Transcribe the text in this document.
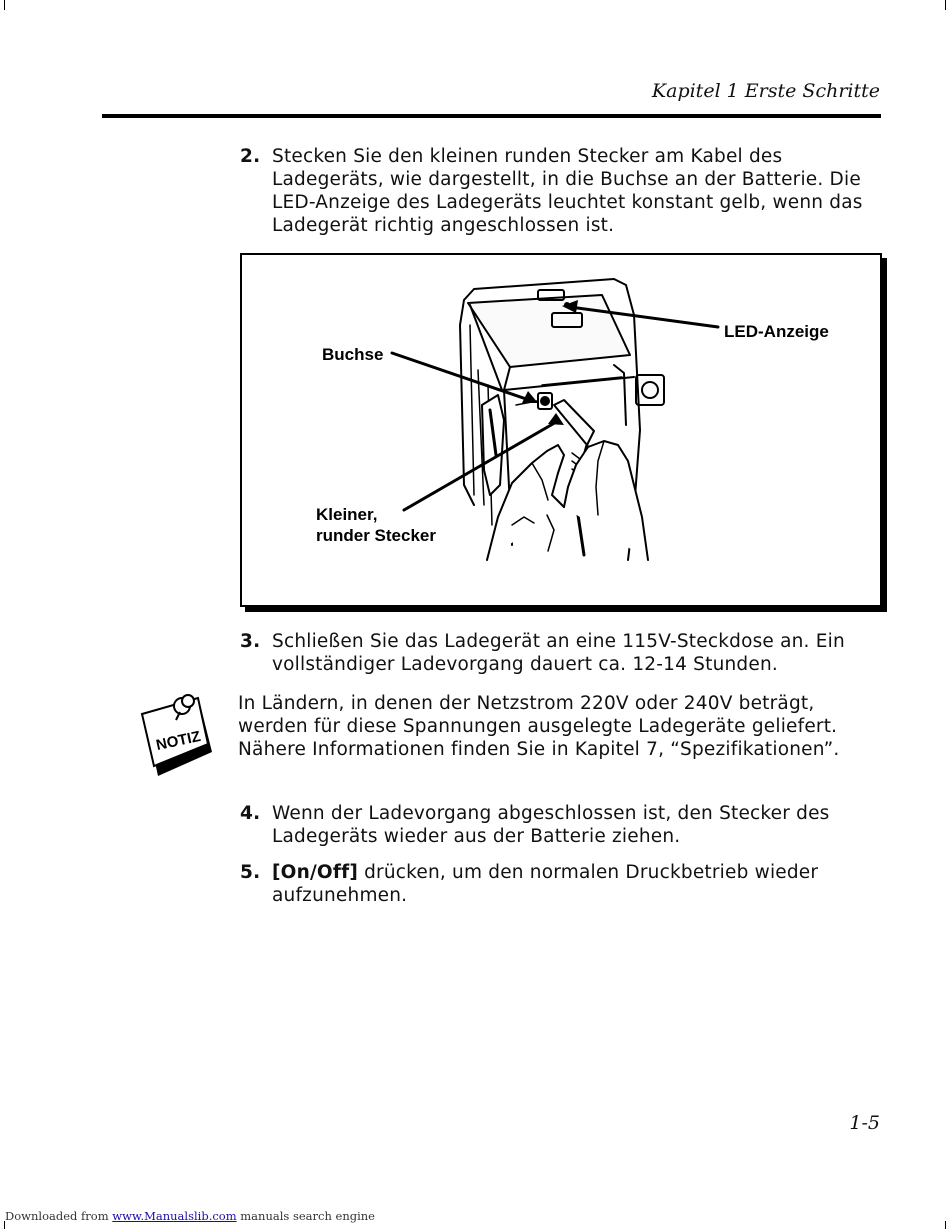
Kapitel 1 Erste Schritte
2. Stecken Sie den kleinen runden Stecker am Kabel des Ladegeräts, wie dargestellt, in die Buchse an der Batterie. Die LED-Anzeige des Ladegeräts leuchtet konstant gelb, wenn das Ladegerät richtig angeschlossen ist.
LED-Anzeige
Buchse
Kleiner,
runder Stecker
3. Schließen Sie das Ladegerät an eine 115V-Steckdose an. Ein vollständiger Ladevorgang dauert ca. 12-14 Stunden.
NOTIZ
In Ländern, in denen der Netzstrom 220V oder 240V beträgt, werden für diese Spannungen ausgelegte Ladegeräte geliefert. Nähere Informationen finden Sie in Kapitel 7, “Spezifikationen”.
4. Wenn der Ladevorgang abgeschlossen ist, den Stecker des Ladegeräts wieder aus der Batterie ziehen.
5. [On/Off] drücken, um den normalen Druckbetrieb wieder aufzunehmen.
1-5
Downloaded from www.Manualslib.com manuals search engine
